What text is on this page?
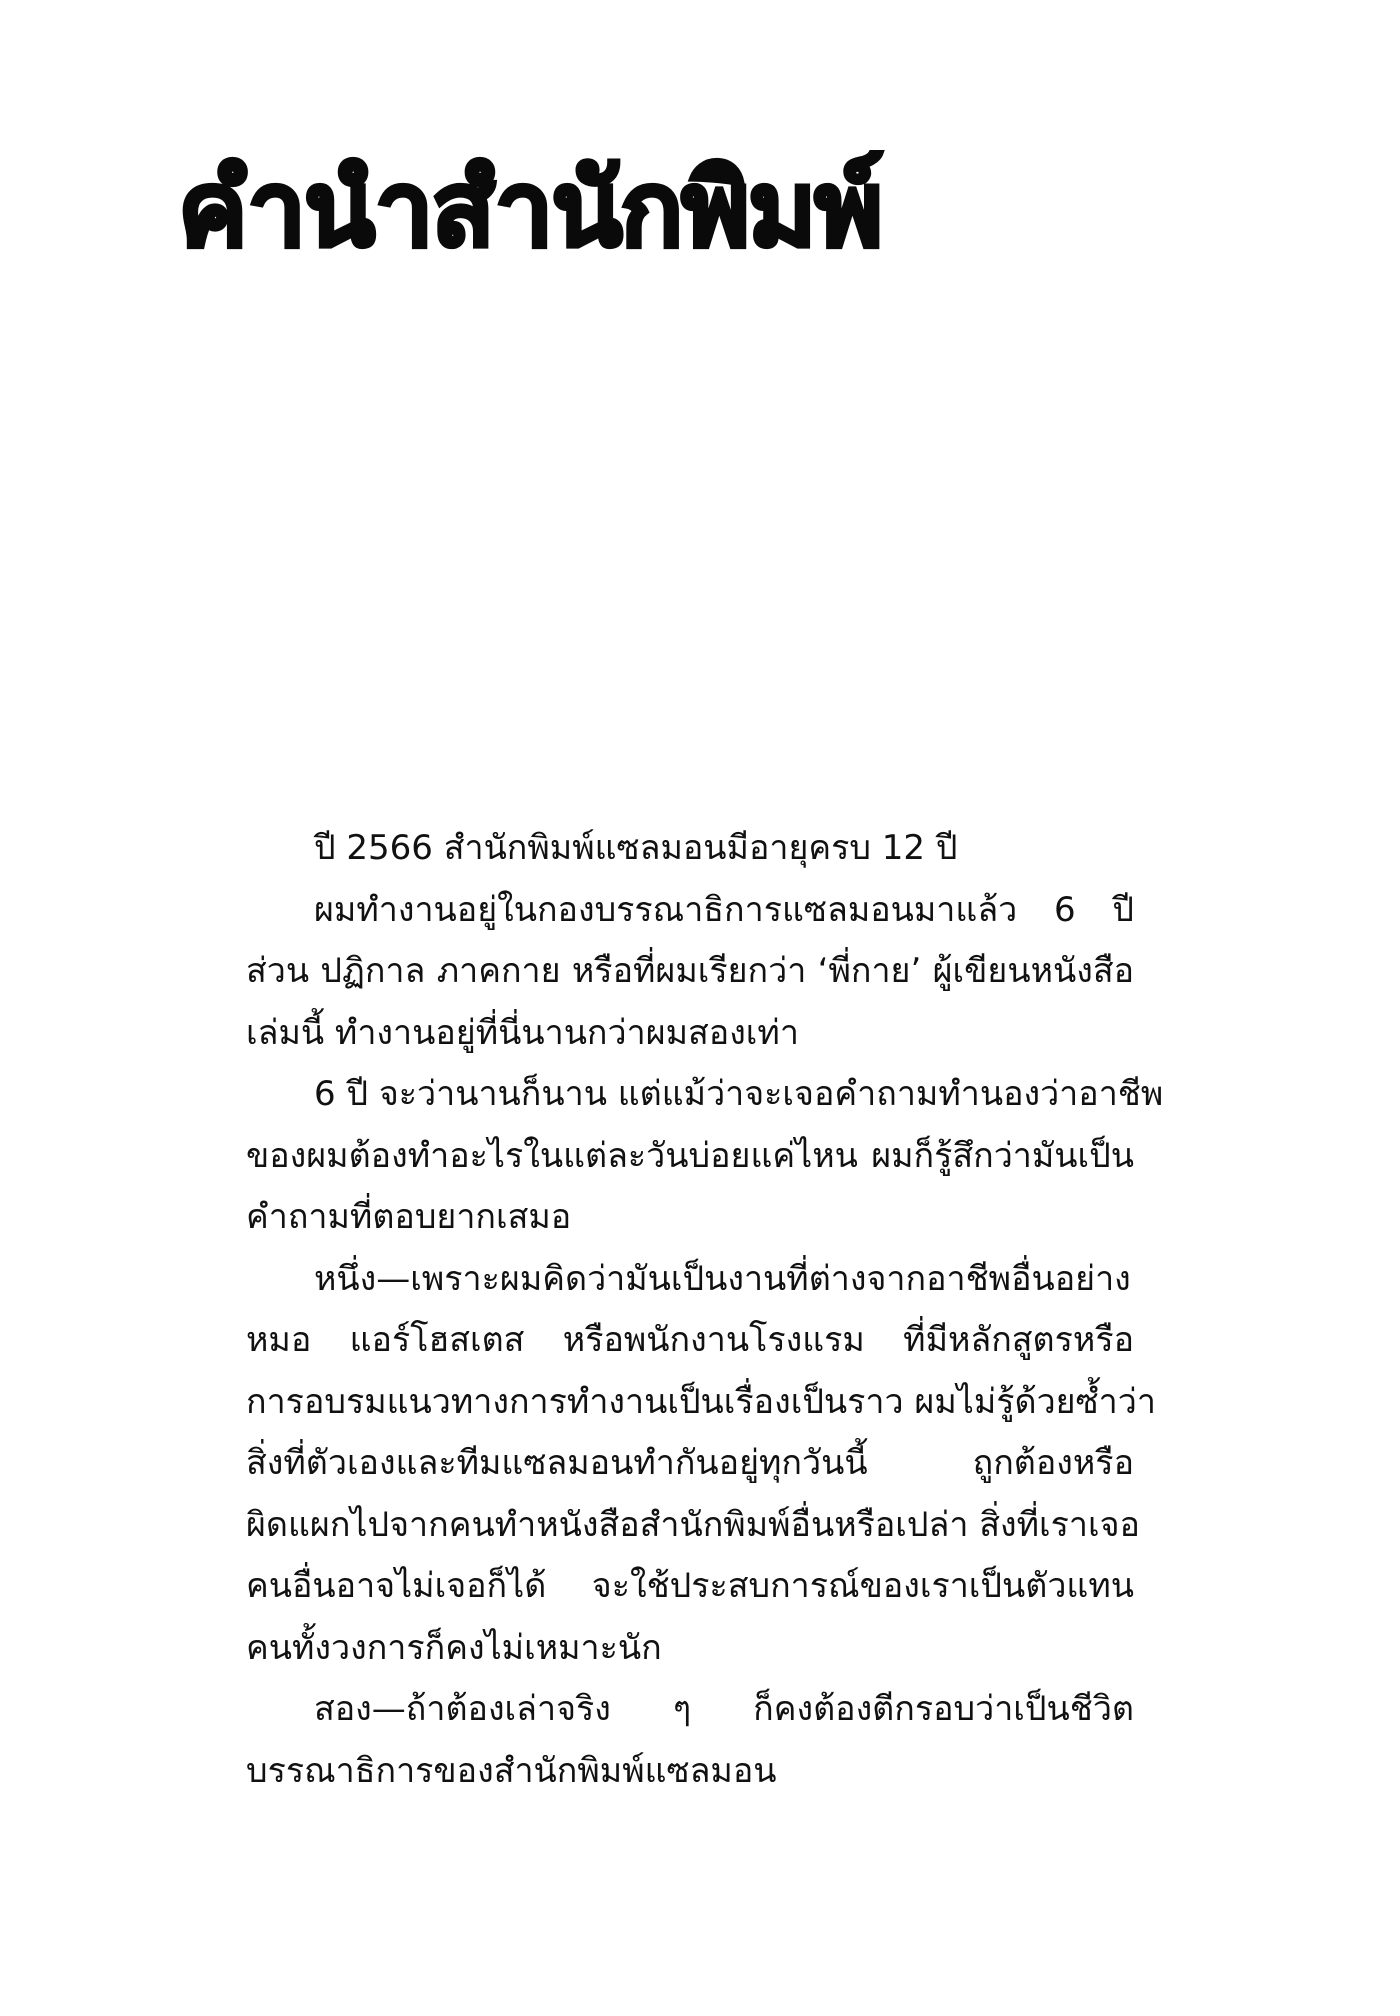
คำนำสำนักพิมพ์

ปี 2566 สำนักพิมพ์แซลมอนมีอายุครบ 12 ปี

ผมทำงานอยู่ในกองบรรณาธิการแซลมอนมาแล้ว 6 ปี
ส่วน ปฏิกาล ภาคกาย หรือที่ผมเรียกว่า ‘พี่กาย’ ผู้เขียนหนังสือ
เล่มนี้ ทำงานอยู่ที่นี่นานกว่าผมสองเท่า

6 ปี จะว่านานก็นาน แต่แม้ว่าจะเจอคำถามทำนองว่าอาชีพ
ของผมต้องทำอะไรในแต่ละวันบ่อยแค่ไหน ผมก็รู้สึกว่ามันเป็น
คำถามที่ตอบยากเสมอ

หนึ่ง—เพราะผมคิดว่ามันเป็นงานที่ต่างจากอาชีพอื่นอย่าง
หมอ แอร์โฮสเตส หรือพนักงานโรงแรม ที่มีหลักสูตรหรือ
การอบรมแนวทางการทำงานเป็นเรื่องเป็นราว ผมไม่รู้ด้วยซ้ำว่า
สิ่งที่ตัวเองและทีมแซลมอนทำกันอยู่ทุกวันนี้ ถูกต้องหรือ
ผิดแผกไปจากคนทำหนังสือสำนักพิมพ์อื่นหรือเปล่า สิ่งที่เราเจอ
คนอื่นอาจไม่เจอก็ได้ จะใช้ประสบการณ์ของเราเป็นตัวแทน
คนทั้งวงการก็คงไม่เหมาะนัก

สอง—ถ้าต้องเล่าจริง ๆ ก็คงต้องตีกรอบว่าเป็นชีวิต
บรรณาธิการของสำนักพิมพ์แซลมอน
